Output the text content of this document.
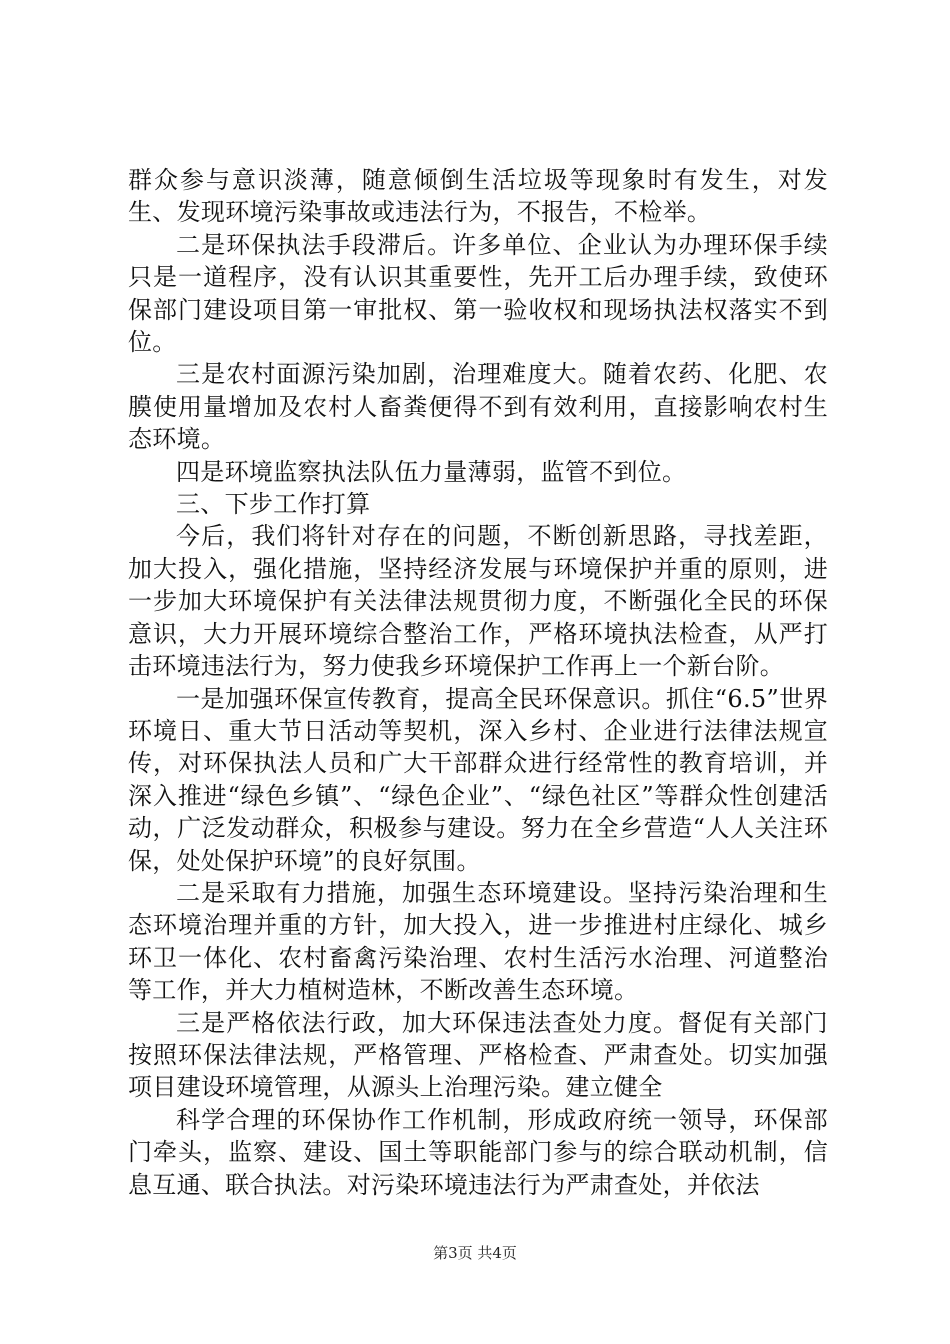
群众参与意识淡薄，随意倾倒生活垃圾等现象时有发生，对发生、发现环境污染事故或违法行为，不报告，不检举。

二是环保执法手段滞后。许多单位、企业认为办理环保手续只是一道程序，没有认识其重要性，先开工后办理手续，致使环保部门建设项目第一审批权、第一验收权和现场执法权落实不到位。

三是农村面源污染加剧，治理难度大。随着农药、化肥、农膜使用量增加及农村人畜粪便得不到有效利用，直接影响农村生态环境。

四是环境监察执法队伍力量薄弱，监管不到位。

三、下步工作打算

今后，我们将针对存在的问题，不断创新思路，寻找差距，加大投入，强化措施，坚持经济发展与环境保护并重的原则，进一步加大环境保护有关法律法规贯彻力度，不断强化全民的环保意识，大力开展环境综合整治工作，严格环境执法检查，从严打击环境违法行为，努力使我乡环境保护工作再上一个新台阶。

一是加强环保宣传教育，提高全民环保意识。抓住“6.5”世界环境日、重大节日活动等契机，深入乡村、企业进行法律法规宣传，对环保执法人员和广大干部群众进行经常性的教育培训，并深入推进“绿色乡镇”、“绿色企业”、“绿色社区”等群众性创建活动，广泛发动群众，积极参与建设。努力在全乡营造“人人关注环保，处处保护环境”的良好氛围。

二是采取有力措施，加强生态环境建设。坚持污染治理和生态环境治理并重的方针，加大投入，进一步推进村庄绿化、城乡环卫一体化、农村畜禽污染治理、农村生活污水治理、河道整治等工作，并大力植树造林，不断改善生态环境。

三是严格依法行政，加大环保违法查处力度。督促有关部门按照环保法律法规，严格管理、严格检查、严肃查处。切实加强项目建设环境管理，从源头上治理污染。建立健全

科学合理的环保协作工作机制，形成政府统一领导，环保部门牵头，监察、建设、国土等职能部门参与的综合联动机制，信息互通、联合执法。对污染环境违法行为严肃查处，并依法

第3页 共4页
